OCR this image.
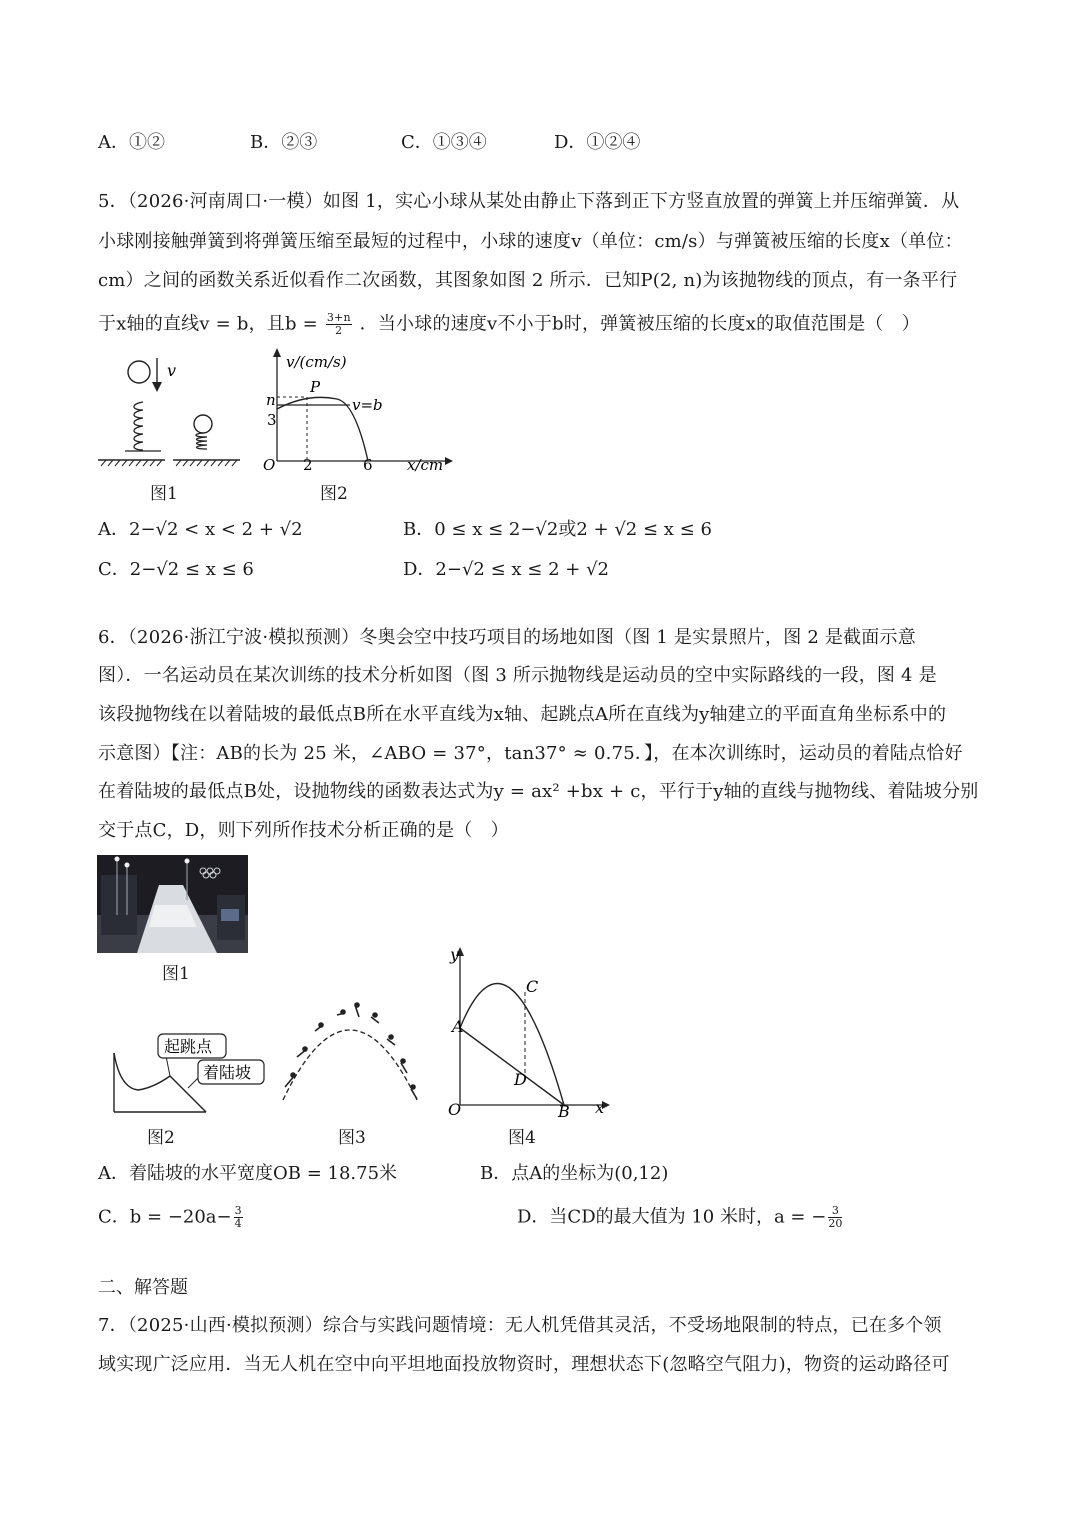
A．①②	B．②③	C．①③④	D．①②④
5．（2026·河南周口·一模）如图 1，实心小球从某处由静止下落到正下方竖直放置的弹簧上并压缩弹簧．从
小球刚接触弹簧到将弹簧压缩至最短的过程中，小球的速度v（单位：cm/s）与弹簧被压缩的长度x（单位：
cm）之间的函数关系近似看作二次函数，其图象如图 2 所示．已知P(2, n)为该抛物线的顶点，有一条平行
于x轴的直线v = b，且$b = \frac{3+n}{2}$ ．当小球的速度v不小于b时，弹簧被压缩的长度x的取值范围是（　）
v
图1
v/(cm/s)
x/cm
O 2	6
3
n
P
v=b
图2
A．2−√2 < x < 2 + √2	B．0 ≤ x ≤ 2−√2或2 + √2 ≤ x ≤ 6
C．2−√2 ≤ x ≤ 6	D．2−√2 ≤ x ≤ 2 + √2
6．（2026·浙江宁波·模拟预测）冬奥会空中技巧项目的场地如图（图 1 是实景照片，图 2 是截面示意
图）．一名运动员在某次训练的技术分析如图（图 3 所示抛物线是运动员的空中实际路线的一段，图 4 是
该段抛物线在以着陆坡的最低点B所在水平直线为x轴、起跳点A所在直线为y轴建立的平面直角坐标系中的
示意图）【注：AB的长为 25 米，∠ABO = 37°，tan37° ≈ 0.75．】，在本次训练时，运动员的着陆点恰好
在着陆坡的最低点B处，设抛物线的函数表达式为y = ax² +bx + c，平行于y轴的直线与抛物线、着陆坡分别
交于点C，D，则下列所作技术分析正确的是（　）
图1
起跳点
着陆坡
图2	图3
y
x
O
A
B
C
D
图4
A．着陆坡的水平宽度OB = 18.75米	B．点A的坐标为(0,12)
C．$b = -20a- \frac{3}{4}$	D．当CD的最大值为 10 米时，a = − $\frac{3}{20}$
二、解答题
7．（2025·山西·模拟预测）综合与实践问题情境：无人机凭借其灵活，不受场地限制的特点，已在多个领
域实现广泛应用．当无人机在空中向平坦地面投放物资时，理想状态下(忽略空气阻力)，物资的运动路径可
